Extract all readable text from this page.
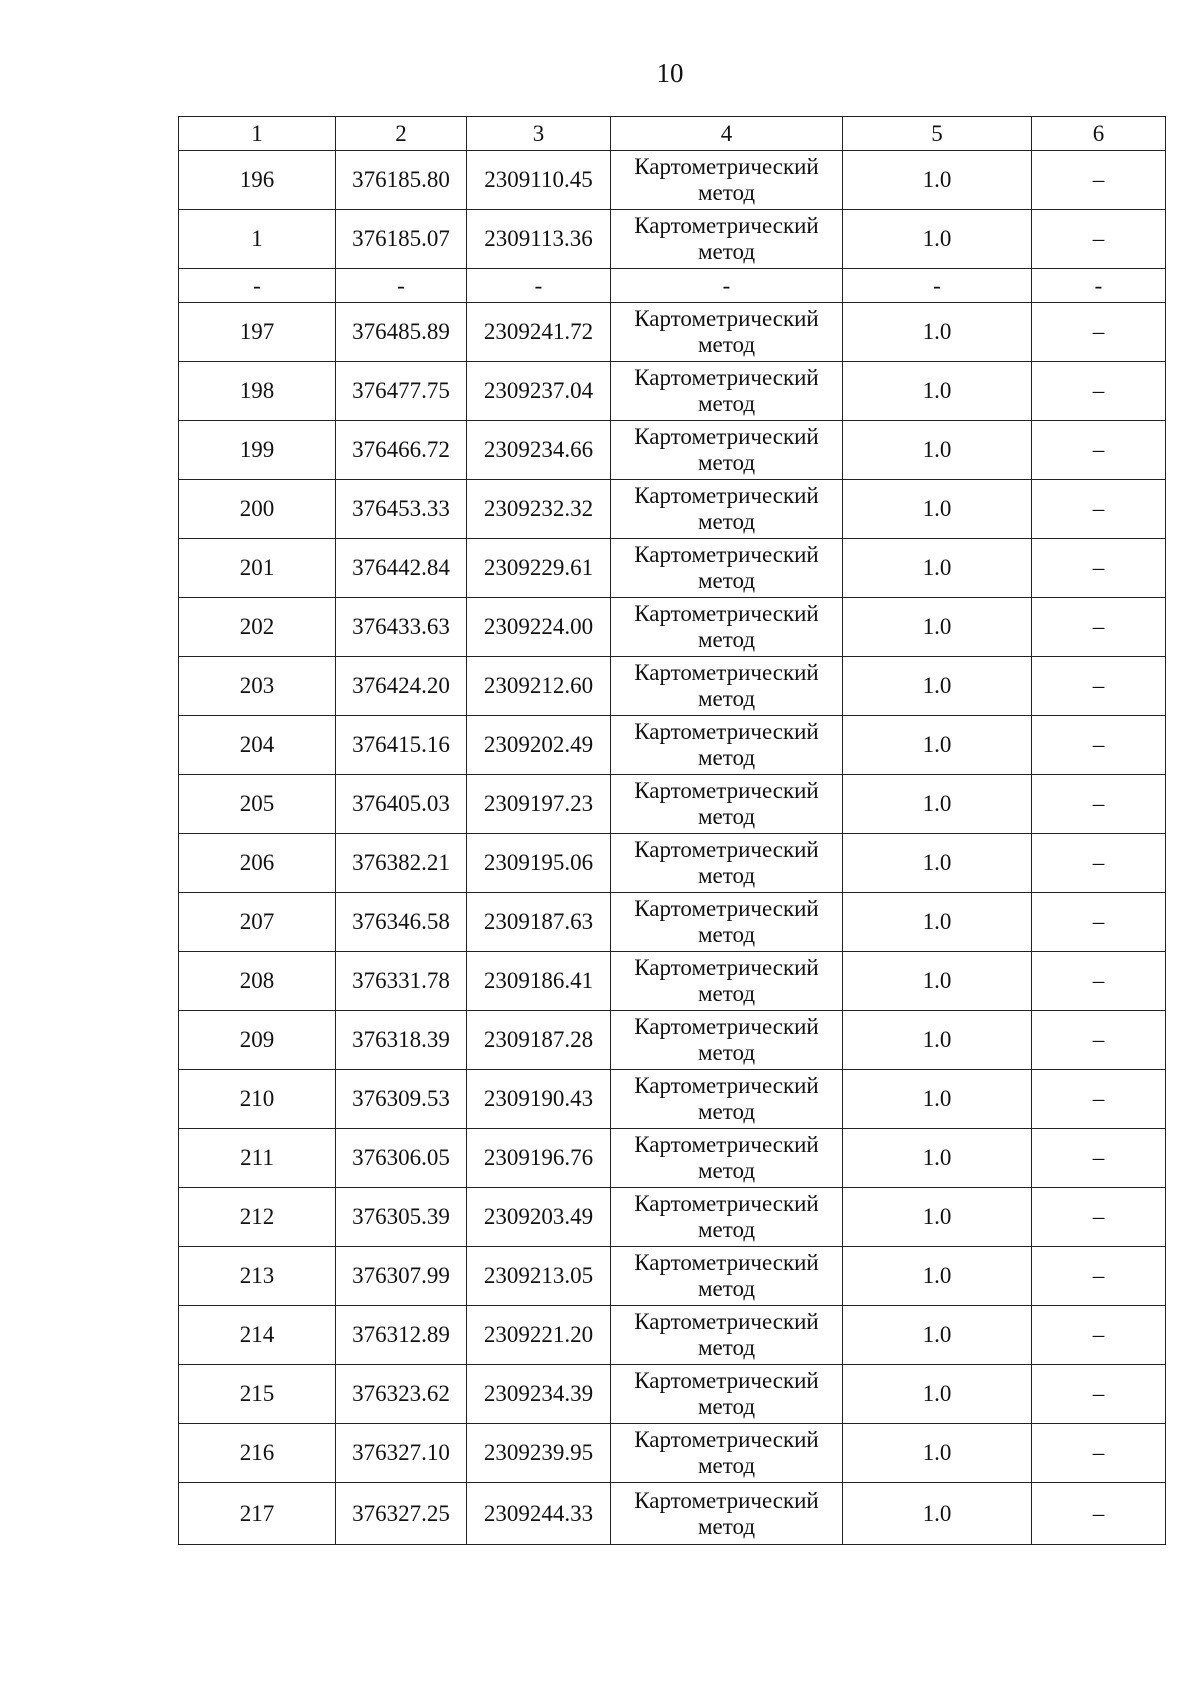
10
1	2	3	4	5	6
196	376185.80	2309110.45	Картометрический метод	1.0	–
1	376185.07	2309113.36	Картометрический метод	1.0	–
-	-	-	-	-	-
197	376485.89	2309241.72	Картометрический метод	1.0	–
198	376477.75	2309237.04	Картометрический метод	1.0	–
199	376466.72	2309234.66	Картометрический метод	1.0	–
200	376453.33	2309232.32	Картометрический метод	1.0	–
201	376442.84	2309229.61	Картометрический метод	1.0	–
202	376433.63	2309224.00	Картометрический метод	1.0	–
203	376424.20	2309212.60	Картометрический метод	1.0	–
204	376415.16	2309202.49	Картометрический метод	1.0	–
205	376405.03	2309197.23	Картометрический метод	1.0	–
206	376382.21	2309195.06	Картометрический метод	1.0	–
207	376346.58	2309187.63	Картометрический метод	1.0	–
208	376331.78	2309186.41	Картометрический метод	1.0	–
209	376318.39	2309187.28	Картометрический метод	1.0	–
210	376309.53	2309190.43	Картометрический метод	1.0	–
211	376306.05	2309196.76	Картометрический метод	1.0	–
212	376305.39	2309203.49	Картометрический метод	1.0	–
213	376307.99	2309213.05	Картометрический метод	1.0	–
214	376312.89	2309221.20	Картометрический метод	1.0	–
215	376323.62	2309234.39	Картометрический метод	1.0	–
216	376327.10	2309239.95	Картометрический метод	1.0	–
217	376327.25	2309244.33	Картометрический метод	1.0	–
